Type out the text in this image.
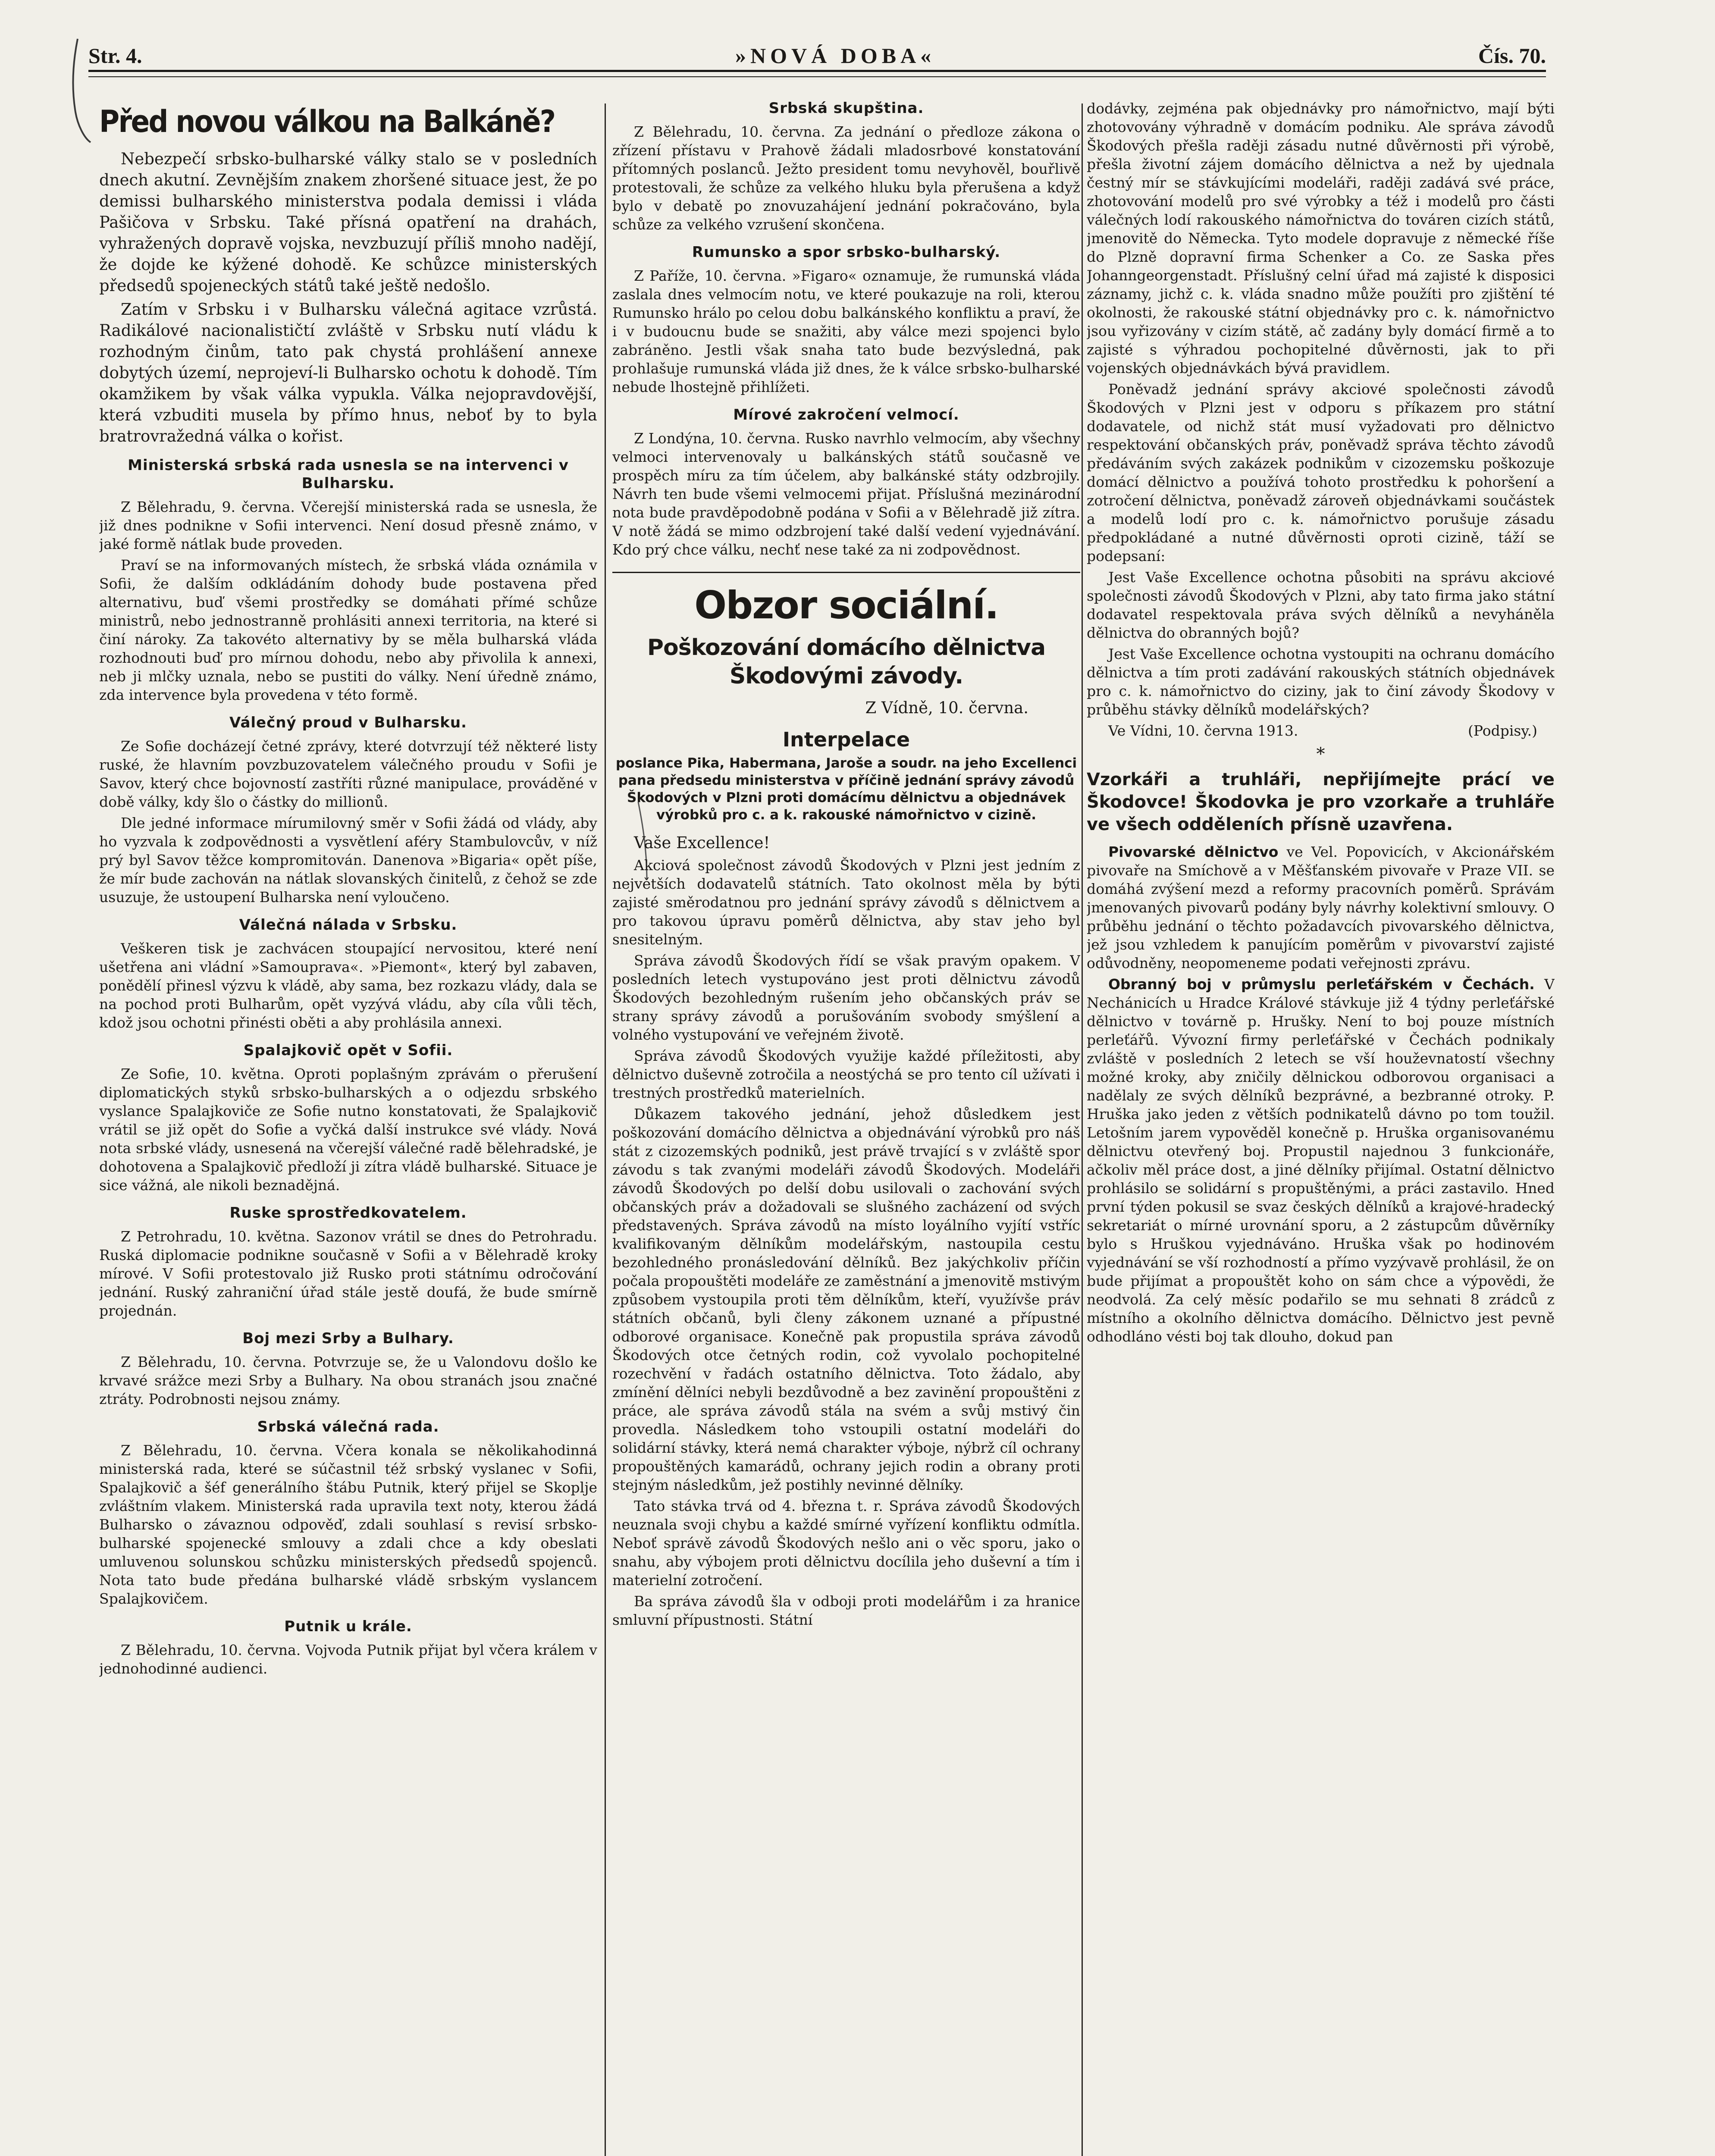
Str. 4.	»NOVÁ DOBA«	Čís. 70.
Před novou válkou na Balkáně?

Nebezpečí srbsko-bulharské války stalo se v posledních dnech akutní. Zevnějším znakem zhoršené situace jest, že po demissi bulharského ministerstva podala demissi i vláda Pašičova v Srbsku. Také přísná opatření na drahách, vyhražených dopravě vojska, nevzbuzují příliš mnoho nadějí, že dojde ke kýžené dohodě. Ke schůzce ministerských předsedů spojeneckých států také ještě nedošlo.

Zatím v Srbsku i v Bulharsku válečná agitace vzrůstá. Radikálové nacionalističtí zvláště v Srbsku nutí vládu k rozhodným činům, tato pak chystá prohlášení annexe dobytých území, neprojeví-li Bulharsko ochotu k dohodě. Tím okamžikem by však válka vypukla. Válka nejopravdovější, která vzbuditi musela by přímo hnus, neboť by to byla bratrovražedná válka o kořist.

Ministerská srbská rada usnesla se na intervenci v Bulharsku.

Z Bělehradu, 9. června. Včerejší ministerská rada se usnesla, že již dnes podnikne v Sofii intervenci. Není dosud přesně známo, v jaké formě nátlak bude proveden.

Praví se na informovaných místech, že srbská vláda oznámila v Sofii, že dalším odkládáním dohody bude postavena před alternativu, buď všemi prostředky se domáhati přímé schůze ministrů, nebo jednostranně prohlásiti annexi territoria, na které si činí nároky. Za takovéto alternativy by se měla bulharská vláda rozhodnouti buď pro mírnou dohodu, nebo aby přivolila k annexi, neb ji mlčky uznala, nebo se pustiti do války. Není úředně známo, zda intervence byla provedena v této formě.

Válečný proud v Bulharsku.

Ze Sofie docházejí četné zprávy, které dotvrzují též některé listy ruské, že hlavním povzbuzovatelem válečného proudu v Sofii je Savov, který chce bojovností zastříti různé manipulace, prováděné v době války, kdy šlo o částky do millionů.

Dle jedné informace mírumilovný směr v Sofii žádá od vlády, aby ho vyzvala k zodpovědnosti a vysvětlení aféry Stambulovcův, v níž prý byl Savov těžce kompromitován. Danenova »Bigaria« opět píše, že mír bude zachován na nátlak slovanských činitelů, z čehož se zde usuzuje, že ustoupení Bulharska není vyloučeno.

Válečná nálada v Srbsku.

Veškeren tisk je zachvácen stoupající nervositou, které není ušetřena ani vládní »Samouprava«. »Piemont«, který byl zabaven, ponědělí přinesl výzvu k vládě, aby sama, bez rozkazu vlády, dala se na pochod proti Bulharům, opět vyzývá vládu, aby cíla vůli těch, kdož jsou ochotni přinésti oběti a aby prohlásila annexi.

Spalajkovič opět v Sofii.

Ze Sofie, 10. května. Oproti poplašným zprávám o přerušení diplomatických styků srbsko-bulharských a o odjezdu srbského vyslance Spalajkoviče ze Sofie nutno konstatovati, že Spalajkovič vrátil se již opět do Sofie a vyčká další instrukce své vlády. Nová nota srbské vlády, usnesená na včerejší válečné radě bělehradské, je dohotovena a Spalajkovič předloží ji zítra vládě bulharské. Situace je sice vážná, ale nikoli beznadějná.

Ruske sprostředkovatelem.

Z Petrohradu, 10. května. Sazonov vrátil se dnes do Petrohradu. Ruská diplomacie podnikne současně v Sofii a v Bělehradě kroky mírové. V Sofii protestovalo již Rusko proti státnímu odročování jednání. Ruský zahraniční úřad stále jestě doufá, že bude smírně projednán.

Boj mezi Srby a Bulhary.

Z Bělehradu, 10. června. Potvrzuje se, že u Valondovu došlo ke krvavé srážce mezi Srby a Bulhary. Na obou stranách jsou značné ztráty. Podrobnosti nejsou známy.

Srbská válečná rada.

Z Bělehradu, 10. června. Včera konala se několikahodinná ministerská rada, které se súčastnil též srbský vyslanec v Sofii, Spalajkovič a šéf generálního štábu Putnik, který přijel se Skoplje zvláštním vlakem. Ministerská rada upravila text noty, kterou žádá Bulharsko o závaznou odpověď, zdali souhlasí s revisí srbsko-bulharské spojenecké smlouvy a zdali chce a kdy obeslati umluvenou solunskou schůzku ministerských předsedů spojenců. Nota tato bude předána bulharské vládě srbským vyslancem Spalajkovičem.

Putnik u krále.

Z Bělehradu, 10. června. Vojvoda Putnik přijat byl včera králem v jednohodinné audienci.

Srbská skupština.

Z Bělehradu, 10. června. Za jednání o předloze zákona o zřízení přístavu v Prahově žádali mladosrbové konstatování přítomných poslanců. Ježto president tomu nevyhověl, bouřlivě protestovali, že schůze za velkého hluku byla přerušena a když bylo v debatě po znovuzahájení jednání pokračováno, byla schůze za velkého vzrušení skončena.

Rumunsko a spor srbsko-bulharský.

Z Paříže, 10. června. »Figaro« oznamuje, že rumunská vláda zaslala dnes velmocím notu, ve které poukazuje na roli, kterou Rumunsko hrálo po celou dobu balkánského konfliktu a praví, že i v budoucnu bude se snažiti, aby válce mezi spojenci bylo zabráněno. Jestli však snaha tato bude bezvýsledná, pak prohlašuje rumunská vláda již dnes, že k válce srbsko-bulharské nebude lhostejně přihlížeti.

Mírové zakročení velmocí.

Z Londýna, 10. června. Rusko navrhlo velmocím, aby všechny velmoci intervenovaly u balkánských států současně ve prospěch míru za tím účelem, aby balkánské státy odzbrojily. Návrh ten bude všemi velmocemi přijat. Příslušná mezinárodní nota bude pravděpodobně podána v Sofii a v Bělehradě již zítra. V notě žádá se mimo odzbrojení také další vedení vyjednávání. Kdo prý chce válku, nechť nese také za ni zodpovědnost.

Obzor sociální.
Poškozování domácího dělnictva Škodovými závody.

Z Vídně, 10. června.

Interpelace
poslance Pika, Habermana, Jaroše a soudr. na jeho Excellenci pana předsedu ministerstva v příčině jednání správy závodů Škodových v Plzni proti domácímu dělnictvu a objednávek výrobků pro c. a k. rakouské námořnictvo v cizině.

Vaše Excellence!

Akciová společnost závodů Škodových v Plzni jest jedním z největších dodavatelů státních. Tato okolnost měla by býti zajisté směrodatnou pro jednání správy závodů s dělnictvem a pro takovou úpravu poměrů dělnictva, aby stav jeho byl snesitelným.

Správa závodů Škodových řídí se však pravým opakem. V posledních letech vystupováno jest proti dělnictvu závodů Škodových bezohledným rušením jeho občanských práv se strany správy závodů a porušováním svobody smýšlení a volného vystupování ve veřejném životě.

Správa závodů Škodových využije každé příležitosti, aby dělnictvo duševně zotročila a neostýchá se pro tento cíl užívati i trestných prostředků materielních.

Důkazem takového jednání, jehož důsledkem jest poškozování domácího dělnictva a objednávání výrobků pro náš stát z cizozemských podniků, jest právě trvající s v zvláště spor závodu s tak zvanými modeláři závodů Škodových. Modeláři závodů Škodových po delší dobu usilovali o zachování svých občanských práv a dožadovali se slušného zacházení od svých představených. Správa závodů na místo loyálního vyjítí vstříc kvalifikovaným dělníkům modelářským, nastoupila cestu bezohledného pronásledování dělníků. Bez jakýchkoliv příčin počala propouštěti modeláře ze zaměstnání a jmenovitě mstivým způsobem vystoupila proti těm dělníkům, kteří, využívše práv státních občanů, byli členy zákonem uznané a přípustné odborové organisace. Konečně pak propustila správa závodů Škodových otce četných rodin, což vyvolalo pochopitelné rozechvění v řadách ostatního dělnictva. Toto žádalo, aby zmínění dělníci nebyli bezdůvodně a bez zavinění propouštěni z práce, ale správa závodů stála na svém a svůj mstivý čin provedla. Následkem toho vstoupili ostatní modeláři do solidární stávky, která nemá charakter výboje, nýbrž cíl ochrany propouštěných kamarádů, ochrany jejich rodin a obrany proti stejným následkům, jež postihly nevinné dělníky.

Tato stávka trvá od 4. března t. r. Správa závodů Škodových neuznala svoji chybu a každé smírné vyřízení konfliktu odmítla. Neboť správě závodů Škodových nešlo ani o věc sporu, jako o snahu, aby výbojem proti dělnictvu docílila jeho duševní a tím i materielní zotročení.

Ba správa závodů šla v odboji proti modelářům i za hranice smluvní přípustnosti. Státní

dodávky, zejména pak objednávky pro námořnictvo, mají býti zhotovovány výhradně v domácím podniku. Ale správa závodů Škodových přešla raději zásadu nutné důvěrnosti při výrobě, přešla životní zájem domácího dělnictva a než by ujednala čestný mír se stávkujícími modeláři, raději zadává své práce, zhotovování modelů pro své výrobky a též i modelů pro části válečných lodí rakouského námořnictva do továren cizích států, jmenovitě do Německa. Tyto modele dopravuje z německé říše do Plzně dopravní firma Schenker a Co. ze Saska přes Johanngeorgenstadt. Příslušný celní úřad má zajisté k disposici záznamy, jichž c. k. vláda snadno může použíti pro zjištění té okolnosti, že rakouské státní objednávky pro c. k. námořnictvo jsou vyřizovány v cizím státě, ač zadány byly domácí firmě a to zajisté s výhradou pochopitelné důvěrnosti, jak to při vojenských objednávkách bývá pravidlem.

Poněvadž jednání správy akciové společnosti závodů Škodových v Plzni jest v odporu s příkazem pro státní dodavatele, od nichž stát musí vyžadovati pro dělnictvo respektování občanských práv, poněvadž správa těchto závodů předáváním svých zakázek podnikům v cizozemsku poškozuje domácí dělnictvo a používá tohoto prostředku k pohoršení a zotročení dělnictva, poněvadž zároveň objednávkami součástek a modelů lodí pro c. k. námořnictvo porušuje zásadu předpokládané a nutné důvěrnosti oproti cizině, táží se podepsaní:

Jest Vaše Excellence ochotna působiti na správu akciové společnosti závodů Škodových v Plzni, aby tato firma jako státní dodavatel respektovala práva svých dělníků a nevyháněla dělnictva do obranných bojů?

Jest Vaše Excellence ochotna vystoupiti na ochranu domácího dělnictva a tím proti zadávání rakouských státních objednávek pro c. k. námořnictvo do ciziny, jak to činí závody Škodovy v průběhu stávky dělníků modelářských?

Ve Vídni, 10. června 1913.	(Podpisy.)

*
Vzorkáři a truhláři, nepřijímejte prácí ve Škodovce! Škodovka je pro vzorkaře a truhláře ve všech odděleních přísně uzavřena.

Pivovarské dělnictvo ve Vel. Popovicích, v Akcionářském pivovaře na Smíchově a v Měšťanském pivovaře v Praze VII. se domáhá zvýšení mezd a reformy pracovních poměrů. Správám jmenovaných pivovarů podány byly návrhy kolektivní smlouvy. O průběhu jednání o těchto požadavcích pivovarského dělnictva, jež jsou vzhledem k panujícím poměrům v pivovarství zajisté odůvodněny, neopomeneme podati veřejnosti zprávu.

Obranný boj v průmyslu perleťářském v Čechách. V Nechánicích u Hradce Králové stávkuje již 4 týdny perleťářské dělnictvo v továrně p. Hrušky. Není to boj pouze místních perleťářů. Vývozní firmy perleťářské v Čechách podnikaly zvláště v posledních 2 letech se vší houževnatostí všechny možné kroky, aby zničily dělnickou odborovou organisaci a nadělaly ze svých dělníků bezprávné, a bezbranné otroky. P. Hruška jako jeden z větších podnikatelů dávno po tom toužil. Letošním jarem vypověděl konečně p. Hruška organisovanému dělnictvu otevřený boj. Propustil najednou 3 funkcionáře, ačkoliv měl práce dost, a jiné dělníky přijímal. Ostatní dělnictvo prohlásilo se solidární s propuštěnými, a práci zastavilo. Hned první týden pokusil se svaz českých dělníků a krajové-hradecký sekretariát o mírné urovnání sporu, a 2 zástupcům důvěrníky bylo s Hruškou vyjednáváno. Hruška však po hodinovém vyjednávání se vší rozhodností a přímo vyzývavě prohlásil, že on bude přijímat a propouštět koho on sám chce a výpovědi, že neodvolá. Za celý měsíc podařilo se mu sehnati 8 zrádců z místního a okolního dělnictva domácího. Dělnictvo jest pevně odhodláno vésti boj tak dlouho, dokud pan
